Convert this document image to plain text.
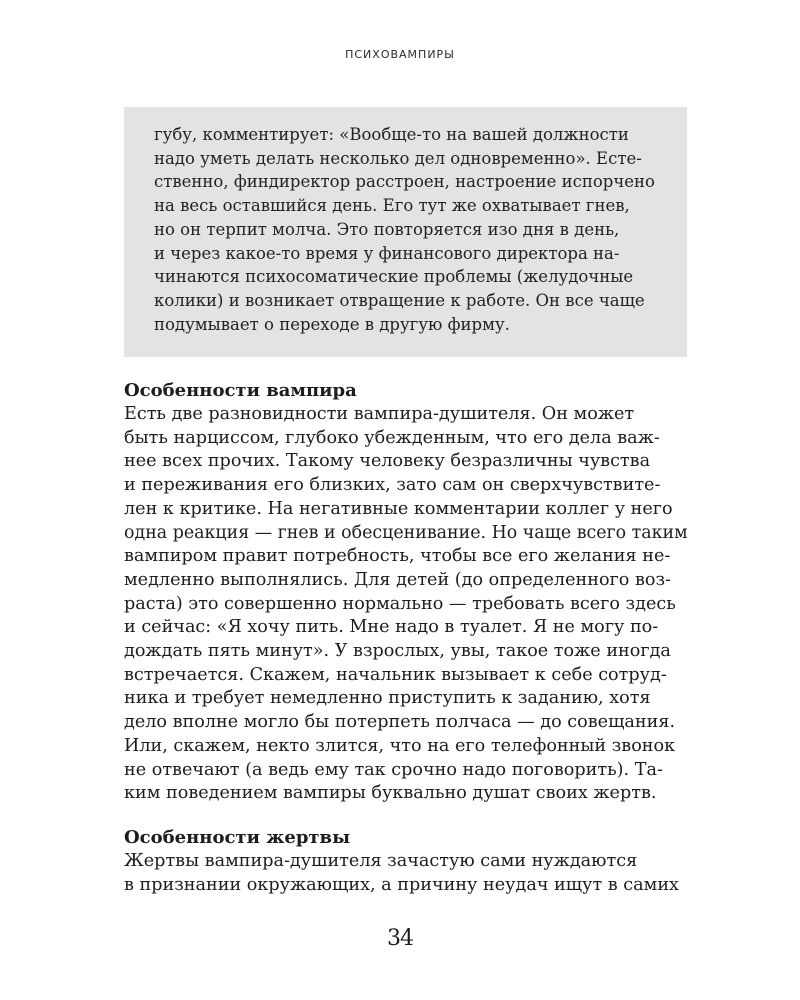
ПСИХОВАМПИРЫ
губу, комментирует: «Вообще-то на вашей должности
надо уметь делать несколько дел одновременно». Есте-
ственно, финдиректор расстроен, настроение испорчено
на весь оставшийся день. Его тут же охватывает гнев,
но он терпит молча. Это повторяется изо дня в день,
и через какое-то время у финансового директора на-
чинаются психосоматические проблемы (желудочные
колики) и возникает отвращение к работе. Он все чаще
подумывает о переходе в другую фирму.
Особенности вампира
Есть две разновидности вампира-душителя. Он может
быть нарциссом, глубоко убежденным, что его дела важ-
нее всех прочих. Такому человеку безразличны чувства
и переживания его близких, зато сам он сверхчувствите-
лен к критике. На негативные комментарии коллег у него
одна реакция — гнев и обесценивание. Но чаще всего таким
вампиром правит потребность, чтобы все его желания не-
медленно выполнялись. Для детей (до определенного воз-
раста) это совершенно нормально — требовать всего здесь
и сейчас: «Я хочу пить. Мне надо в туалет. Я не могу по-
дождать пять минут». У взрослых, увы, такое тоже иногда
встречается. Скажем, начальник вызывает к себе сотруд-
ника и требует немедленно приступить к заданию, хотя
дело вполне могло бы потерпеть полчаса — до совещания.
Или, скажем, некто злится, что на его телефонный звонок
не отвечают (а ведь ему так срочно надо поговорить). Та-
ким поведением вампиры буквально душат своих жертв.
Особенности жертвы
Жертвы вампира-душителя зачастую сами нуждаются
в признании окружающих, а причину неудач ищут в самих
34
